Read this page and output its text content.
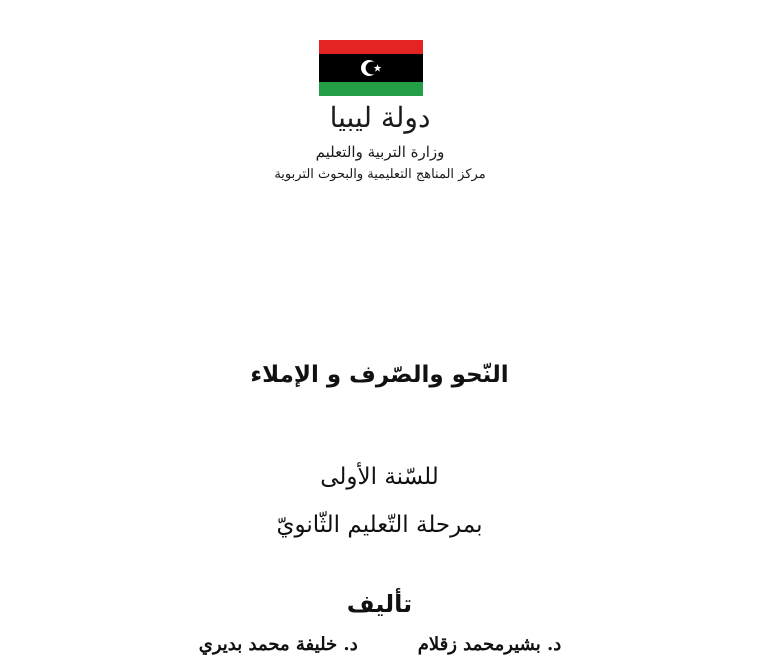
دولة ليبيا
وزارة التربية والتعليم
مركز المناهج التعليمية والبحوث التربوية
النّحو والصّرف و الإملاء
للسّنة الأولى
بمرحلة التّعليم الثّانويّ
تأليف
د. بشيرمحمد زقلام
د. خليفة محمد بديري
